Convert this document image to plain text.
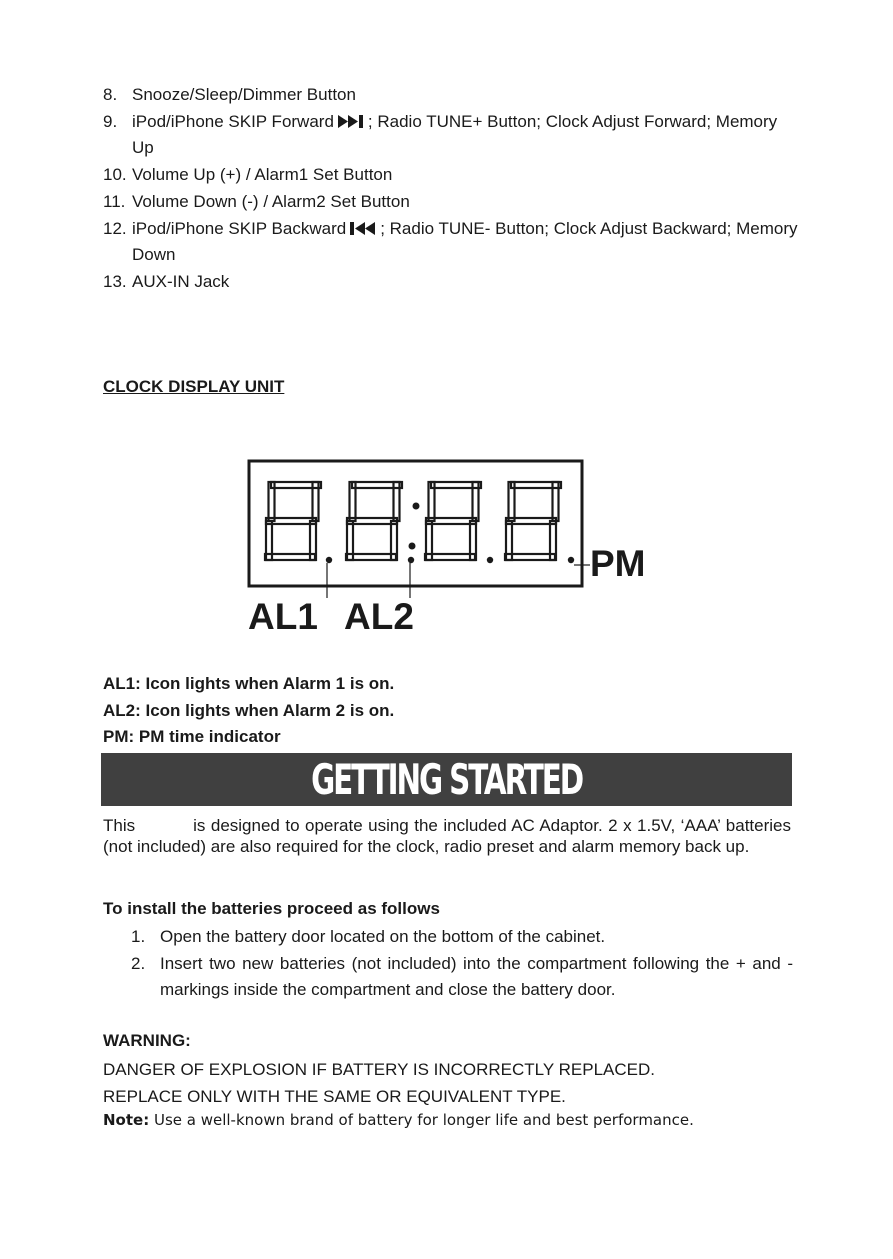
8. Snooze/Sleep/Dimmer Button
9. iPod/iPhone SKIP Forward ; Radio TUNE+ Button; Clock Adjust Forward; Memory Up
10. Volume Up (+) / Alarm1 Set Button
11. Volume Down (-) / Alarm2 Set Button
12. iPod/iPhone SKIP Backward ; Radio TUNE- Button; Clock Adjust Backward; Memory Down
13. AUX-IN Jack
CLOCK DISPLAY UNIT
PM
AL1 AL2
AL1: Icon lights when Alarm 1 is on.
AL2: Icon lights when Alarm 2 is on.
PM: PM time indicator
GETTING STARTED
This	is designed to operate using the included AC Adaptor. 2 x 1.5V, ‘AAA’ batteries (not included) are also required for the clock, radio preset and alarm memory back up.
To install the batteries proceed as follows
1. Open the battery door located on the bottom of the cabinet.
2. Insert two new batteries (not included) into the compartment following the + and - markings inside the compartment and close the battery door.
WARNING:
DANGER OF EXPLOSION IF BATTERY IS INCORRECTLY REPLACED.
REPLACE ONLY WITH THE SAME OR EQUIVALENT TYPE.
Note: Use a well-known brand of battery for longer life and best performance.
